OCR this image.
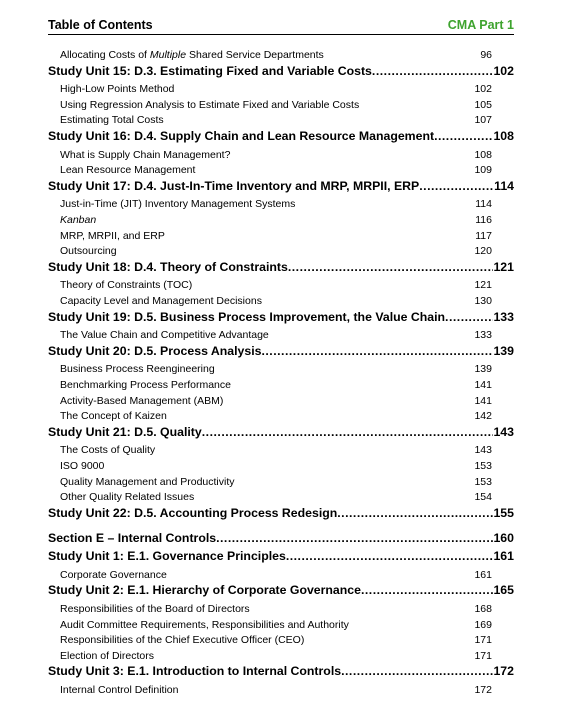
Table of Contents	CMA Part 1
Allocating Costs of Multiple Shared Service Departments	96
Study Unit 15: D.3. Estimating Fixed and Variable Costs .....	102
High-Low Points Method	102
Using Regression Analysis to Estimate Fixed and Variable Costs	105
Estimating Total Costs	107
Study Unit 16: D.4. Supply Chain and Lean Resource Management .....	108
What is Supply Chain Management?	108
Lean Resource Management	109
Study Unit 17: D.4. Just-In-Time Inventory and MRP, MRPII, ERP .....	114
Just-in-Time (JIT) Inventory Management Systems	114
Kanban	116
MRP, MRPII, and ERP	117
Outsourcing	120
Study Unit 18: D.4. Theory of Constraints .....	121
Theory of Constraints (TOC)	121
Capacity Level and Management Decisions	130
Study Unit 19: D.5. Business Process Improvement, the Value Chain .....	133
The Value Chain and Competitive Advantage	133
Study Unit 20: D.5. Process Analysis .....	139
Business Process Reengineering	139
Benchmarking Process Performance	141
Activity-Based Management (ABM)	141
The Concept of Kaizen	142
Study Unit 21: D.5. Quality .....	143
The Costs of Quality	143
ISO 9000	153
Quality Management and Productivity	153
Other Quality Related Issues	154
Study Unit 22: D.5. Accounting Process Redesign .....	155
Section E – Internal Controls .....	160
Study Unit 1: E.1. Governance Principles .....	161
Corporate Governance	161
Study Unit 2: E.1. Hierarchy of Corporate Governance .....	165
Responsibilities of the Board of Directors	168
Audit Committee Requirements, Responsibilities and Authority	169
Responsibilities of the Chief Executive Officer (CEO)	171
Election of Directors	171
Study Unit 3: E.1. Introduction to Internal Controls .....	172
Internal Control Definition	172
